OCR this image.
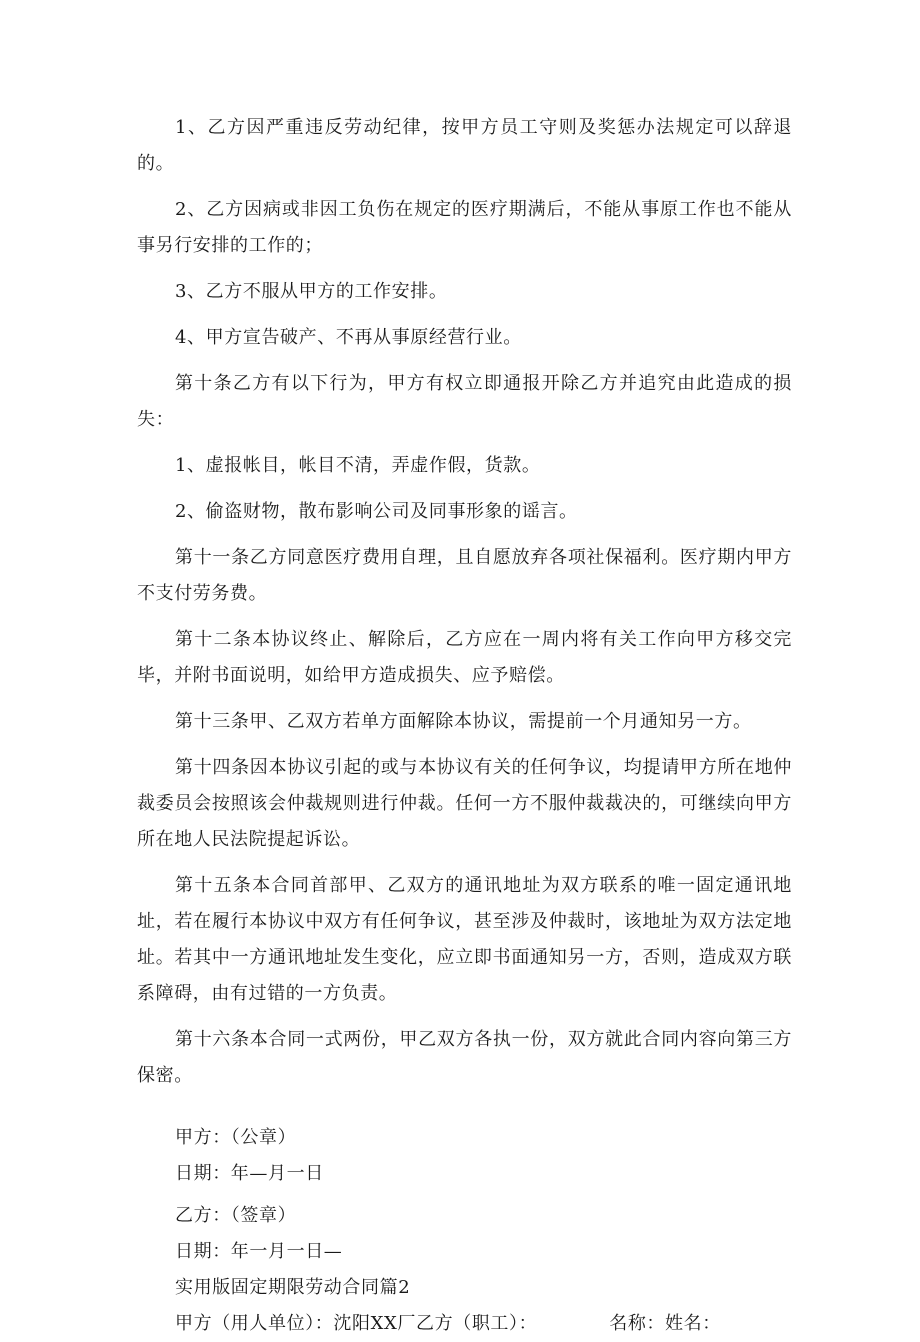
1、乙方因严重违反劳动纪律，按甲方员工守则及奖惩办法规定可以辞退的。

2、乙方因病或非因工负伤在规定的医疗期满后，不能从事原工作也不能从事另行安排的工作的；

3、乙方不服从甲方的工作安排。

4、甲方宣告破产、不再从事原经营行业。

第十条乙方有以下行为，甲方有权立即通报开除乙方并追究由此造成的损失：

1、虚报帐目，帐目不清，弄虚作假，货款。

2、偷盗财物，散布影响公司及同事形象的谣言。

第十一条乙方同意医疗费用自理，且自愿放弃各项社保福利。医疗期内甲方不支付劳务费。

第十二条本协议终止、解除后，乙方应在一周内将有关工作向甲方移交完毕，并附书面说明，如给甲方造成损失、应予赔偿。

第十三条甲、乙双方若单方面解除本协议，需提前一个月通知另一方。

第十四条因本协议引起的或与本协议有关的任何争议，均提请甲方所在地仲裁委员会按照该会仲裁规则进行仲裁。任何一方不服仲裁裁决的，可继续向甲方所在地人民法院提起诉讼。

第十五条本合同首部甲、乙双方的通讯地址为双方联系的唯一固定通讯地址，若在履行本协议中双方有任何争议，甚至涉及仲裁时，该地址为双方法定地址。若其中一方通讯地址发生变化，应立即书面通知另一方，否则，造成双方联系障碍，由有过错的一方负责。

第十六条本合同一式两份，甲乙双方各执一份，双方就此合同内容向第三方保密。

甲方：（公章）

日期：年—月一日

乙方：（签章）

日期：年一月一日—

实用版固定期限劳动合同篇2

甲方（用人单位）：沈阳XX厂乙方（职工）：	名称：姓名：
